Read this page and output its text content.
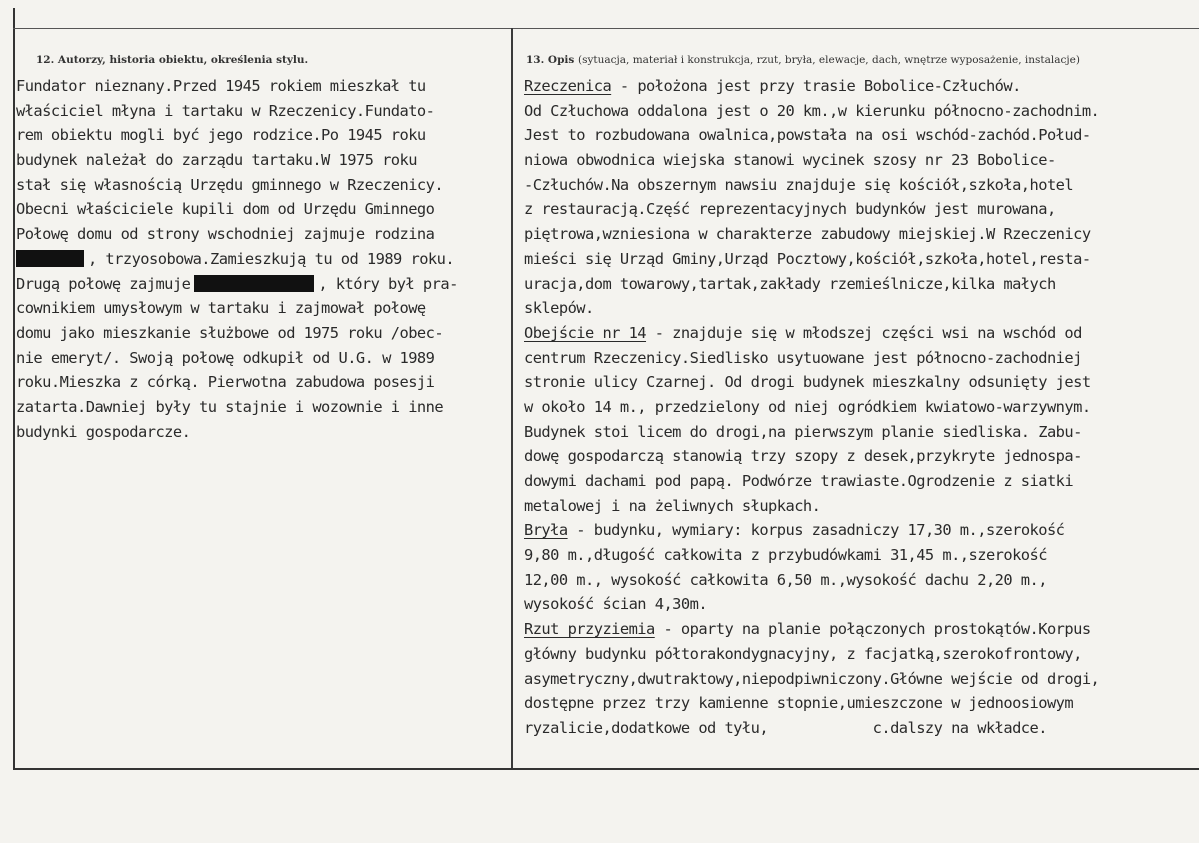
12. Autorzy, historia obiektu, określenia stylu.	13. Opis (sytuacja, materiał i konstrukcja, rzut, bryła, elewacje, dach, wnętrze wyposażenie, instalacje)
Fundator nieznany.Przed 1945 rokiem mieszkał tu
właściciel młyna i tartaku w Rzeczenicy.Fundato-
rem obiektu mogli być jego rodzice.Po 1945 roku
budynek należał do zarządu tartaku.W 1975 roku
stał się własnością Urzędu gminnego w Rzeczenicy.
Obecni właściciele kupili dom od Urzędu Gminnego
Połowę domu od strony wschodniej zajmuje rodzina
, trzyosobowa.Zamieszkują tu od 1989 roku.
Drugą połowę zajmuje	, który był pra-
cownikiem umysłowym w tartaku i zajmował połowę
domu jako mieszkanie służbowe od 1975 roku /obec-
nie emeryt/. Swoją połowę odkupił od U.G. w 1989
roku.Mieszka z córką. Pierwotna zabudowa posesji
zatarta.Dawniej były tu stajnie i wozownie i inne
budynki gospodarcze.
Rzeczenica - położona jest przy trasie Bobolice-Człuchów.
Od Człuchowa oddalona jest o 20 km.,w kierunku północno-zachodnim.
Jest to rozbudowana owalnica,powstała na osi wschód-zachód.Połud-
niowa obwodnica wiejska stanowi wycinek szosy nr 23 Bobolice-
-Człuchów.Na obszernym nawsiu znajduje się kościół,szkoła,hotel
z restauracją.Część reprezentacyjnych budynków jest murowana,
piętrowa,wzniesiona w charakterze zabudowy miejskiej.W Rzeczenicy
mieści się Urząd Gminy,Urząd Pocztowy,kościół,szkoła,hotel,resta-
uracja,dom towarowy,tartak,zakłady rzemieślnicze,kilka małych
sklepów.
Obejście nr 14 - znajduje się w młodszej części wsi na wschód od
centrum Rzeczenicy.Siedlisko usytuowane jest północno-zachodniej
stronie ulicy Czarnej. Od drogi budynek mieszkalny odsunięty jest
w około 14 m., przedzielony od niej ogródkiem kwiatowo-warzywnym.
Budynek stoi licem do drogi,na pierwszym planie siedliska. Zabu-
dowę gospodarczą stanowią trzy szopy z desek,przykryte jednospa-
dowymi dachami pod papą. Podwórze trawiaste.Ogrodzenie z siatki
metalowej i na żeliwnych słupkach.
Bryła - budynku, wymiary: korpus zasadniczy 17,30 m.,szerokość
9,80 m.,długość całkowita z przybudówkami 31,45 m.,szerokość
12,00 m., wysokość całkowita 6,50 m.,wysokość dachu 2,20 m.,
wysokość ścian 4,30m.
Rzut przyziemia - oparty na planie połączonych prostokątów.Korpus
główny budynku półtorakondygnacyjny, z facjatką,szerokofrontowy,
asymetryczny,dwutraktowy,niepodpiwniczony.Główne wejście od drogi,
dostępne przez trzy kamienne stopnie,umieszczone w jednoosiowym
ryzalicie,dodatkowe od tyłu,            c.dalszy na wkładce.
